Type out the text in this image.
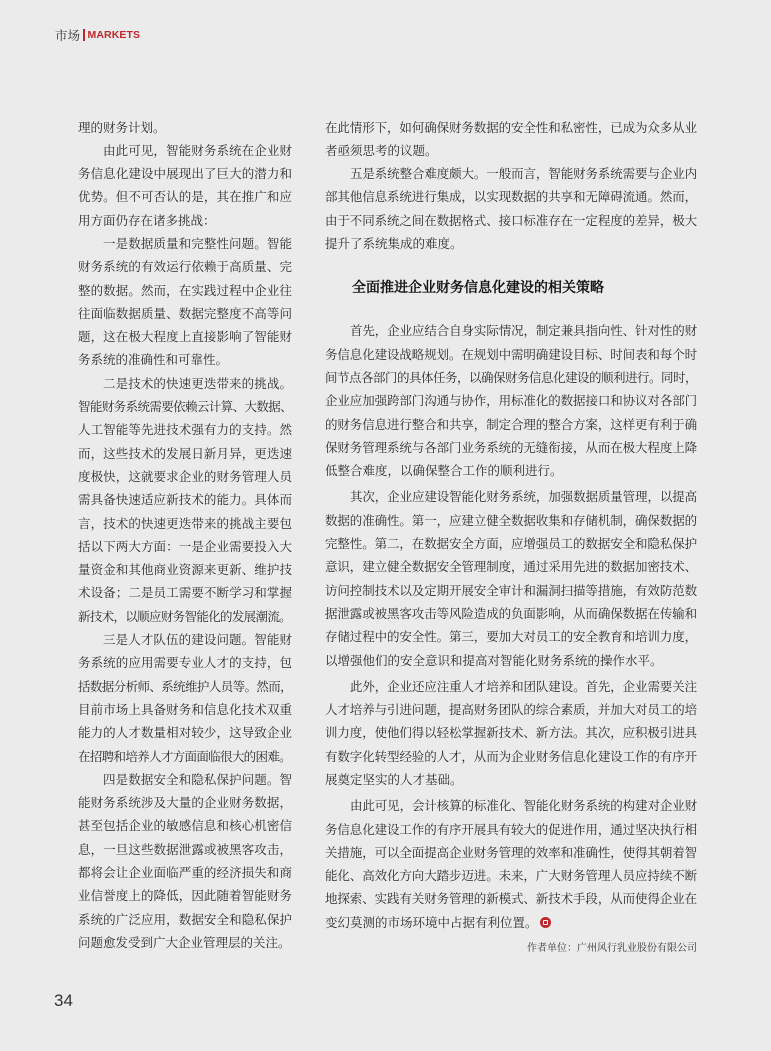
市场 MARKETS
理的财务计划。
由此可见，智能财务系统在企业财
务信息化建设中展现出了巨大的潜力和
优势。但不可否认的是，其在推广和应
用方面仍存在诸多挑战：
一是数据质量和完整性问题。智能
财务系统的有效运行依赖于高质量、完
整的数据。然而，在实践过程中企业往
往面临数据质量、数据完整度不高等问
题，这在极大程度上直接影响了智能财
务系统的准确性和可靠性。
二是技术的快速更迭带来的挑战。
智能财务系统需要依赖云计算、大数据、
人工智能等先进技术强有力的支持。然
而，这些技术的发展日新月异，更迭速
度极快，这就要求企业的财务管理人员
需具备快速适应新技术的能力。具体而
言，技术的快速更迭带来的挑战主要包
括以下两大方面：一是企业需要投入大
量资金和其他商业资源来更新、维护技
术设备；二是员工需要不断学习和掌握
新技术，以顺应财务智能化的发展潮流。
三是人才队伍的建设问题。智能财
务系统的应用需要专业人才的支持，包
括数据分析师、系统维护人员等。然而，
目前市场上具备财务和信息化技术双重
能力的人才数量相对较少，这导致企业
在招聘和培养人才方面面临很大的困难。
四是数据安全和隐私保护问题。智
能财务系统涉及大量的企业财务数据，
甚至包括企业的敏感信息和核心机密信
息，一旦这些数据泄露或被黑客攻击，
都将会让企业面临严重的经济损失和商
业信誉度上的降低，因此随着智能财务
系统的广泛应用，数据安全和隐私保护
问题愈发受到广大企业管理层的关注。
在此情形下，如何确保财务数据的安全性和私密性，已成为众多从业
者亟须思考的议题。
五是系统整合难度颇大。一般而言，智能财务系统需要与企业内
部其他信息系统进行集成，以实现数据的共享和无障碍流通。然而，
由于不同系统之间在数据格式、接口标准存在一定程度的差异，极大
提升了系统集成的难度。
全面推进企业财务信息化建设的相关策略
首先，企业应结合自身实际情况，制定兼具指向性、针对性的财
务信息化建设战略规划。在规划中需明确建设目标、时间表和每个时
间节点各部门的具体任务，以确保财务信息化建设的顺利进行。同时，
企业应加强跨部门沟通与协作，用标准化的数据接口和协议对各部门
的财务信息进行整合和共享，制定合理的整合方案，这样更有利于确
保财务管理系统与各部门业务系统的无缝衔接，从而在极大程度上降
低整合难度，以确保整合工作的顺利进行。
其次，企业应建设智能化财务系统，加强数据质量管理，以提高
数据的准确性。第一，应建立健全数据收集和存储机制，确保数据的
完整性。第二，在数据安全方面，应增强员工的数据安全和隐私保护
意识，建立健全数据安全管理制度，通过采用先进的数据加密技术、
访问控制技术以及定期开展安全审计和漏洞扫描等措施，有效防范数
据泄露或被黑客攻击等风险造成的负面影响，从而确保数据在传输和
存储过程中的安全性。第三，要加大对员工的安全教育和培训力度，
以增强他们的安全意识和提高对智能化财务系统的操作水平。
此外，企业还应注重人才培养和团队建设。首先，企业需要关注
人才培养与引进问题，提高财务团队的综合素质，并加大对员工的培
训力度，使他们得以轻松掌握新技术、新方法。其次，应积极引进具
有数字化转型经验的人才，从而为企业财务信息化建设工作的有序开
展奠定坚实的人才基础。
由此可见，会计核算的标准化、智能化财务系统的构建对企业财
务信息化建设工作的有序开展具有较大的促进作用，通过坚决执行相
关措施，可以全面提高企业财务管理的效率和准确性，使得其朝着智
能化、高效化方向大踏步迈进。未来，广大财务管理人员应持续不断
地探索、实践有关财务管理的新模式、新技术手段，从而使得企业在
变幻莫测的市场环境中占据有利位置。
作者单位：广州风行乳业股份有限公司
34
